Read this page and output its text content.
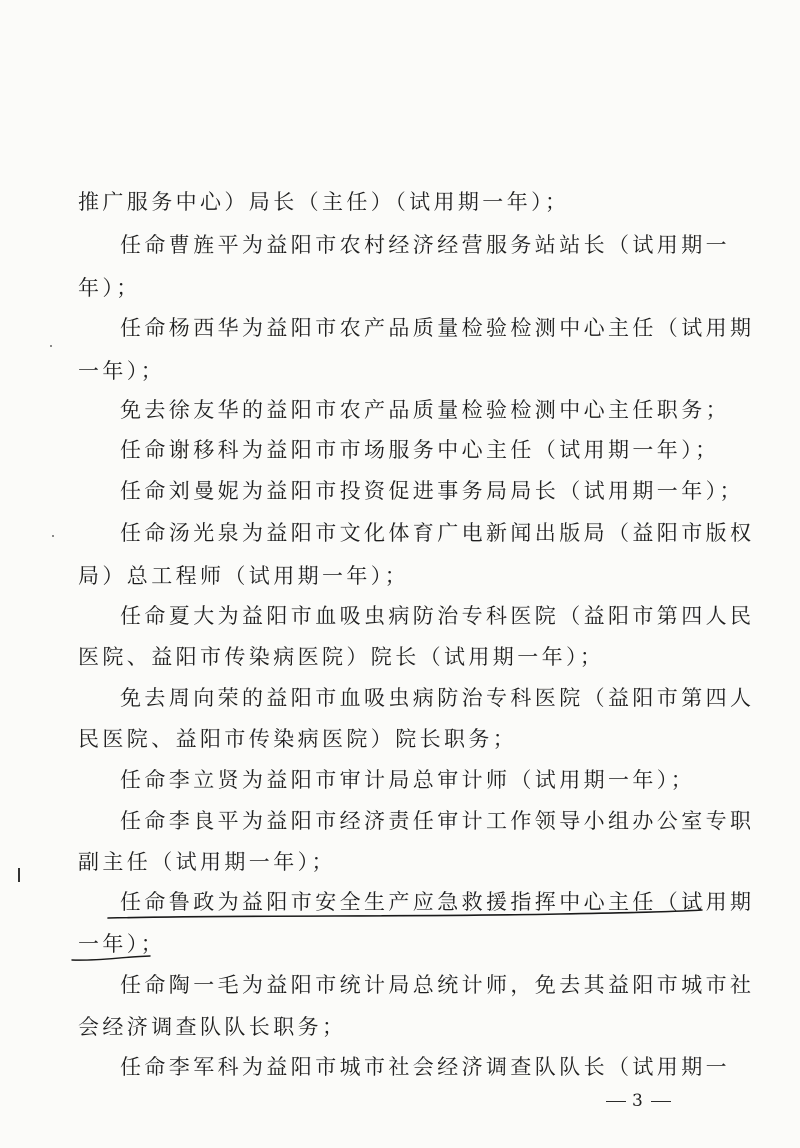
推广服务中心）局长（主任）（试用期一年）；
任命曹旌平为益阳市农村经济经营服务站站长（试用期一
年）；
任命杨西华为益阳市农产品质量检验检测中心主任（试用期
一年）；
免去徐友华的益阳市农产品质量检验检测中心主任职务；
任命谢移科为益阳市市场服务中心主任（试用期一年）；
任命刘曼妮为益阳市投资促进事务局局长（试用期一年）；
任命汤光泉为益阳市文化体育广电新闻出版局（益阳市版权
局）总工程师（试用期一年）；
任命夏大为益阳市血吸虫病防治专科医院（益阳市第四人民
医院、益阳市传染病医院）院长（试用期一年）；
免去周向荣的益阳市血吸虫病防治专科医院（益阳市第四人
民医院、益阳市传染病医院）院长职务；
任命李立贤为益阳市审计局总审计师（试用期一年）；
任命李良平为益阳市经济责任审计工作领导小组办公室专职
副主任（试用期一年）；
任命鲁政为益阳市安全生产应急救援指挥中心主任（试用期
一年）；
任命陶一毛为益阳市统计局总统计师，免去其益阳市城市社
会经济调查队队长职务；
任命李军科为益阳市城市社会经济调查队队长（试用期一
3
